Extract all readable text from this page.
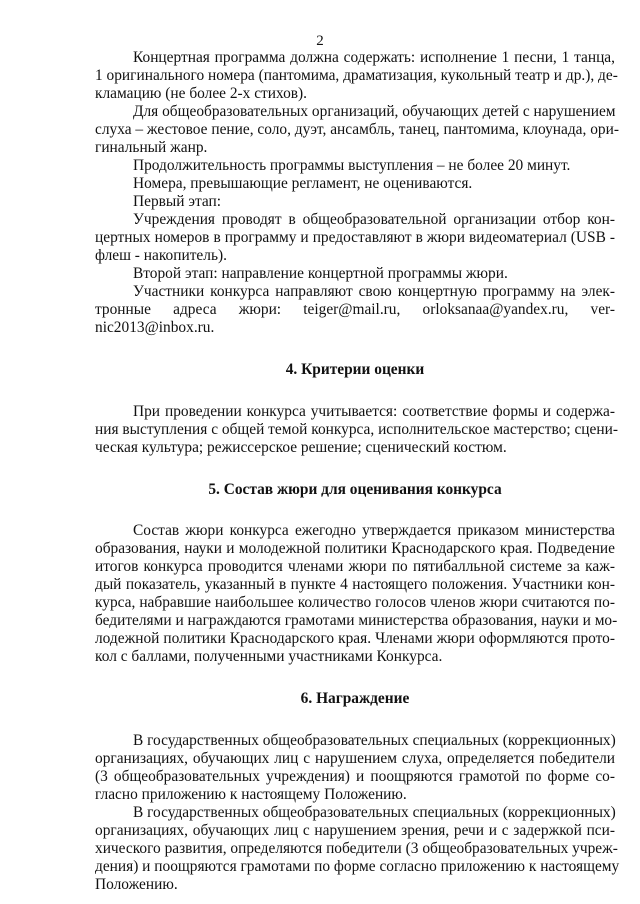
2
Концертная программа должна содержать: исполнение 1 песни, 1 танца,
1 оригинального номера (пантомима, драматизация, кукольный театр и др.), де-
кламацию (не более 2-х стихов).
Для общеобразовательных организаций, обучающих детей с нарушением
слуха – жестовое пение, соло, дуэт, ансамбль, танец, пантомима, клоунада, ори-
гинальный жанр.
Продолжительность программы выступления – не более 20 минут.
Номера, превышающие регламент, не оцениваются.
Первый этап:
Учреждения проводят в общеобразовательной организации отбор кон-
цертных номеров в программу и предоставляют в жюри видеоматериал (USB -
флеш - накопитель).
Второй этап: направление концертной программы жюри.
Участники конкурса направляют свою концертную программу на элек-
тронные адреса жюри: teiger@mail.ru, orloksanaa@yandex.ru, ver-
nic2013@inbox.ru.
4. Критерии оценки
При проведении конкурса учитывается: соответствие формы и содержа-
ния выступления с общей темой конкурса, исполнительское мастерство; сцени-
ческая культура; режиссерское решение; сценический костюм.
5. Состав жюри для оценивания конкурса
Состав жюри конкурса ежегодно утверждается приказом министерства
образования, науки и молодежной политики Краснодарского края. Подведение
итогов конкурса проводится членами жюри по пятибалльной системе за каж-
дый показатель, указанный в пункте 4 настоящего положения. Участники кон-
курса, набравшие наибольшее количество голосов членов жюри считаются по-
бедителями и награждаются грамотами министерства образования, науки и мо-
лодежной политики Краснодарского края. Членами жюри оформляются прото-
кол с баллами, полученными участниками Конкурса.
6. Награждение
В государственных общеобразовательных специальных (коррекционных)
организациях, обучающих лиц с нарушением слуха, определяется победители
(3 общеобразовательных учреждения) и поощряются грамотой по форме со-
гласно приложению к настоящему Положению.
В государственных общеобразовательных специальных (коррекционных)
организациях, обучающих лиц с нарушением зрения, речи и с задержкой пси-
хического развития, определяются победители (3 общеобразовательных учреж-
дения) и поощряются грамотами по форме согласно приложению к настоящему
Положению.
